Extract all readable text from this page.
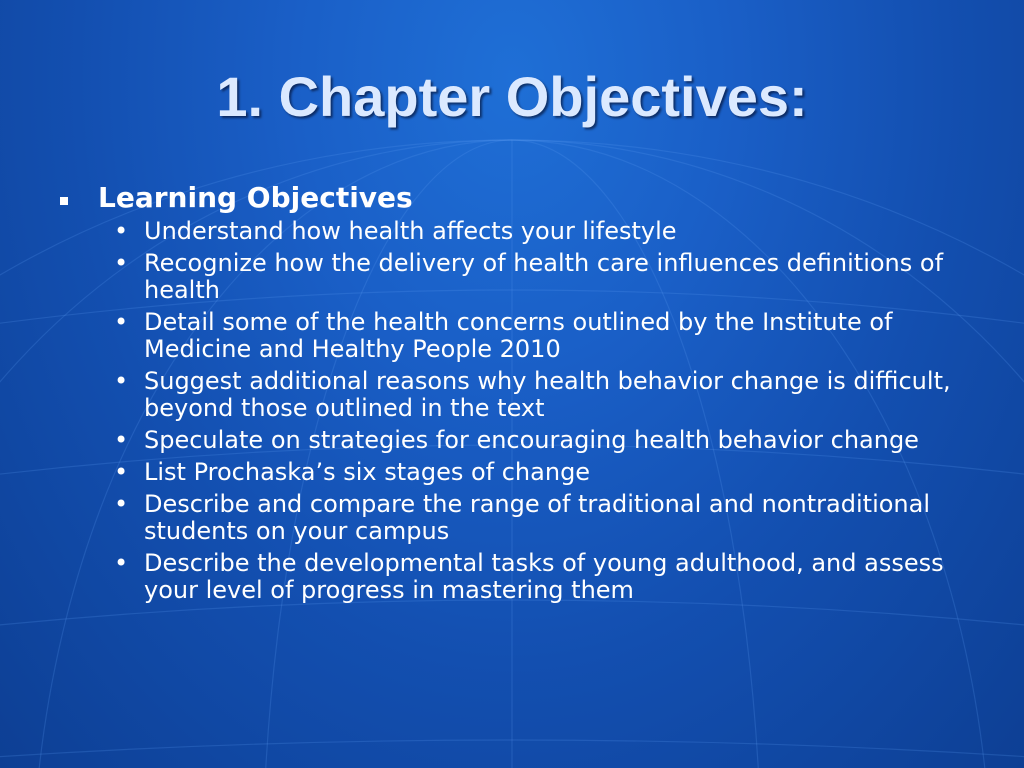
1. Chapter Objectives:
Learning Objectives
• Understand how health affects your lifestyle
• Recognize how the delivery of health care influences definitions of health
• Detail some of the health concerns outlined by the Institute of Medicine and Healthy People 2010
• Suggest additional reasons why health behavior change is difficult, beyond those outlined in the text
• Speculate on strategies for encouraging health behavior change
• List Prochaska’s six stages of change
• Describe and compare the range of traditional and nontraditional students on your campus
• Describe the developmental tasks of young adulthood, and assess your level of progress in mastering them
